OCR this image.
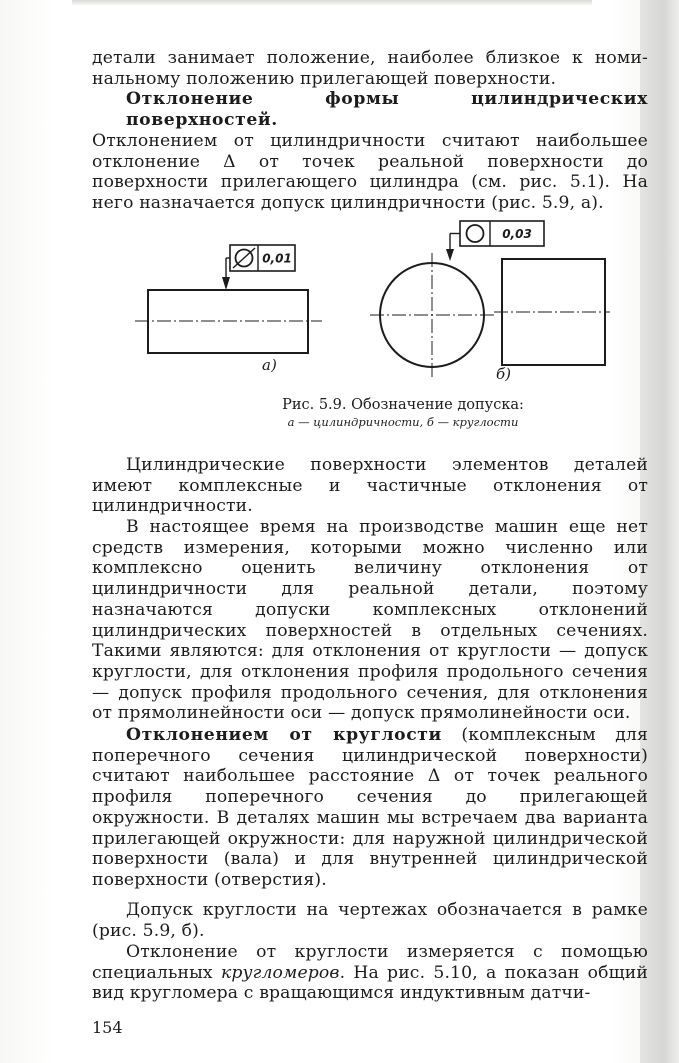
детали занимает положение, наиболее близкое к номи-
нальному положению прилегающей поверхности.
Отклонение формы цилиндрических поверхностей. Отклонением от цилиндричности считают наибольшее отклонение Δ от точек реальной поверхности до поверхности прилегающего цилиндра (см. рис. 5.1). На него назначается допуск цилиндричности (рис. 5.9, а).

а)
0,01
0,03
б)
Рис. 5.9. Обозначение допуска:
а — цилиндричности, б — круглости

Цилиндрические поверхности элементов деталей имеют комплексные и частичные отклонения от цилиндричности.

В настоящее время на производстве машин еще нет средств измерения, которыми можно численно или комплексно оценить величину отклонения от цилиндричности для реальной детали, поэтому назначаются допуски комплексных отклонений цилиндрических поверхностей в отдельных сечениях. Такими являются: для отклонения от круглости — допуск круглости, для отклонения профиля продольного сечения — допуск профиля продольного сечения, для отклонения от прямолинейности оси — допуск прямолинейности оси.

Отклонением от круглости (комплексным для поперечного сечения цилиндрической поверхности) считают наибольшее расстояние Δ от точек реального профиля поперечного сечения до прилегающей окружности. В деталях машин мы встречаем два варианта прилегающей окружности: для наружной цилиндрической поверхности (вала) и для внутренней цилиндрической поверхности (отверстия).

Допуск круглости на чертежах обозначается в рамке (рис. 5.9, б).

Отклонение от круглости измеряется с помощью специальных кругломеров. На рис. 5.10, а показан общий вид кругломера с вращающимся индуктивным датчи-

154
